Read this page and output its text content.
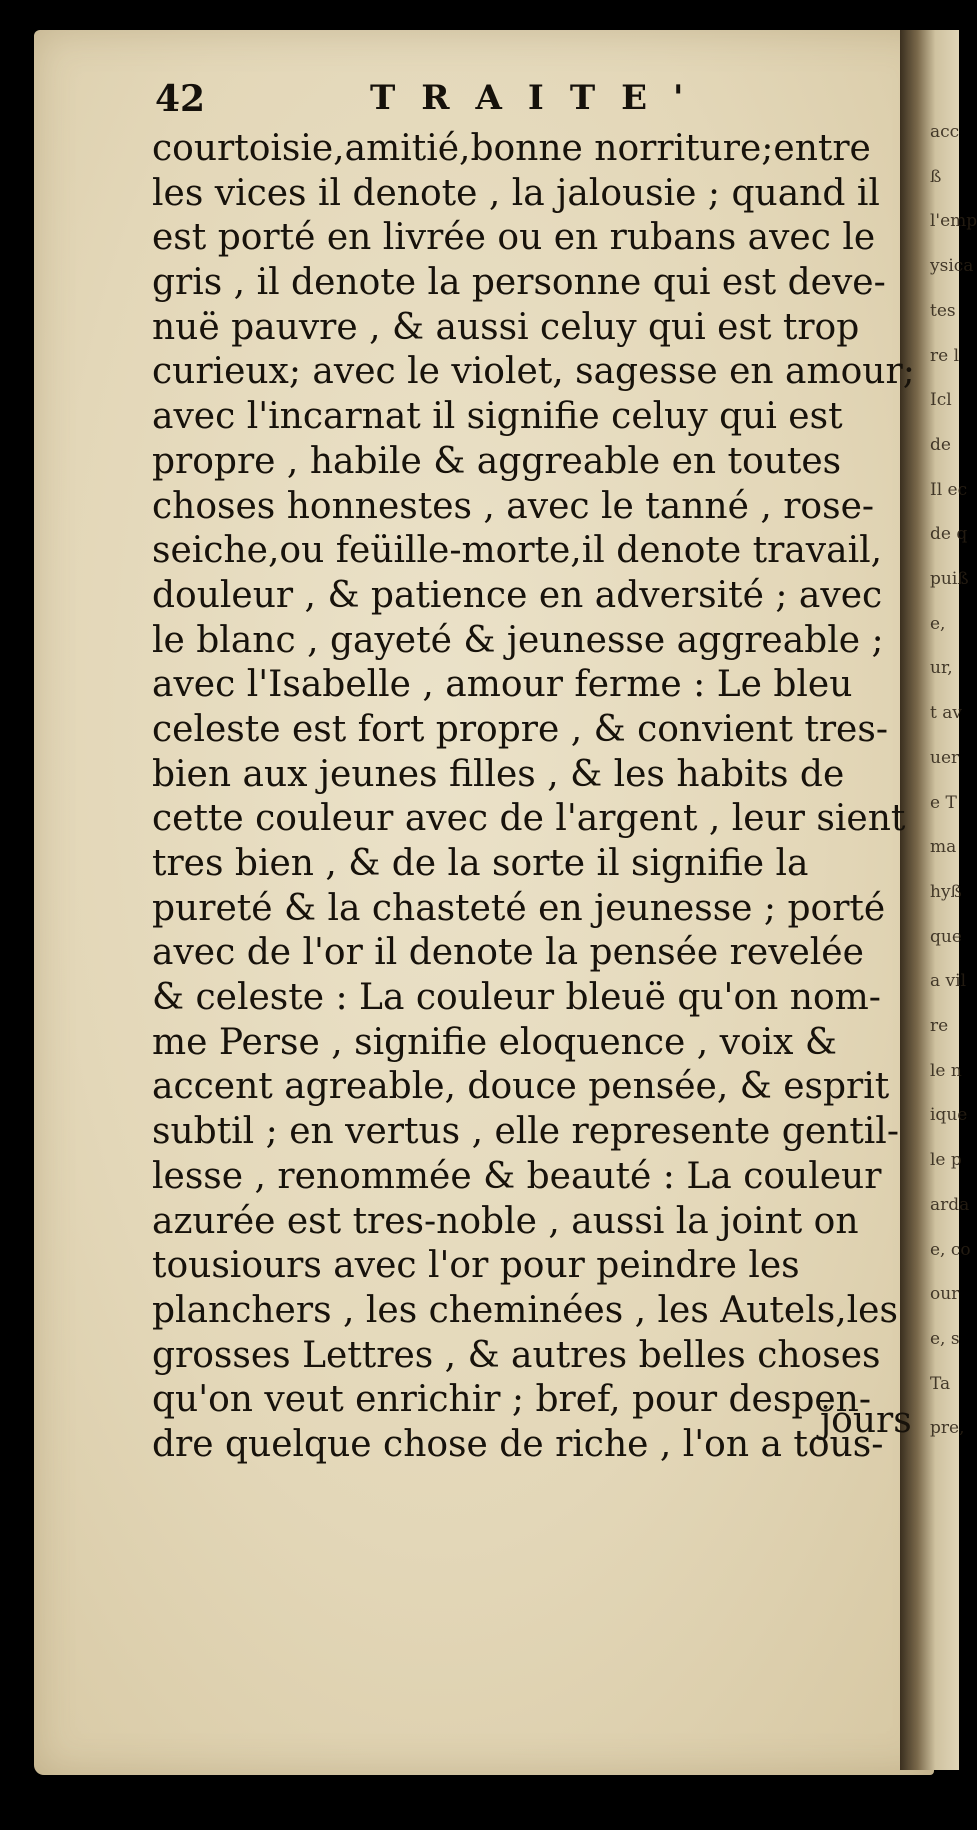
acc
ß
l'emp
ysica
tes
re l
Icl
de
Il ec
de q
puiß
e,
ur,
t av
uer
e T
ma
hyß
que
a vil
re
le n
ique
le p
arda
e, co
our
e, s
Ta
pre,
42	TRAITE'
courtoisie,amitié,bonne norriture;entre
les vices il denote , la jalousie ; quand il
est porté en livrée ou en rubans avec le
gris , il denote la personne qui est deve-
nuë pauvre , & aussi celuy qui est trop
curieux; avec le violet, sagesse en amour;
avec l'incarnat il signifie celuy qui est
propre , habile & aggreable en toutes
choses honnestes , avec le tanné , rose-
seiche,ou feüille-morte,il denote travail,
douleur , & patience en adversité ; avec
le blanc , gayeté & jeunesse aggreable ;
avec l'Isabelle , amour ferme : Le bleu
celeste est fort propre , & convient tres-
bien aux jeunes filles , & les habits de
cette couleur avec de l'argent , leur sient
tres bien , & de la sorte il signifie la
pureté & la chasteté en jeunesse ; porté
avec de l'or il denote la pensée revelée
& celeste : La couleur bleuë qu'on nom-
me Perse , signifie eloquence , voix &
accent agreable, douce pensée, & esprit
subtil ; en vertus , elle represente gentil-
lesse , renommée & beauté : La couleur
azurée est tres-noble , aussi la joint on
tousiours avec l'or pour peindre les
planchers , les cheminées , les Autels,les
grosses Lettres , & autres belles choses
qu'on veut enrichir ; bref, pour despen-
dre quelque chose de riche , l'on a tous-
jours
